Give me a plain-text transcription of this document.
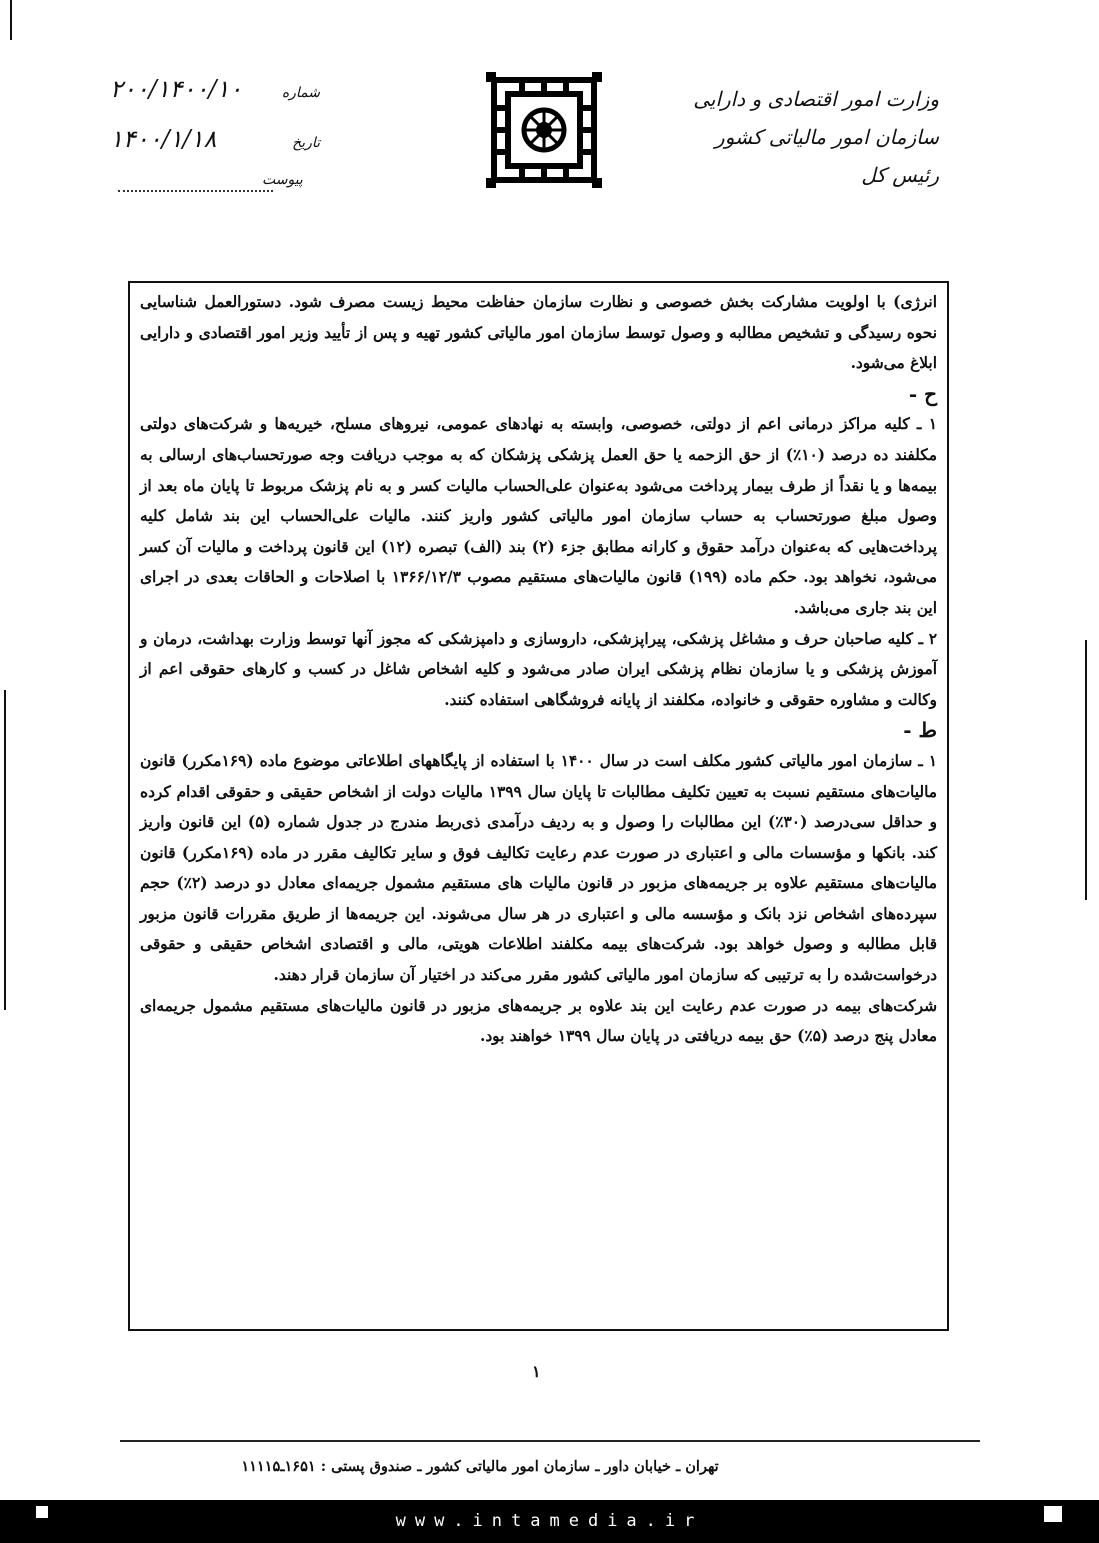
وزارت امور اقتصادی و دارایی
سازمان امور مالیاتی کشور
رئیس کل
شماره
۲۰۰/۱۴۰۰/۱۰
تاریخ
۱۴۰۰/۱/۱۸
پیوست

انرژی) با اولویت مشارکت بخش خصوصی و نظارت سازمان حفاظت محیط زیست مصرف شود. دستورالعمل شناسایی نحوه رسیدگی و تشخیص مطالبه و وصول توسط سازمان امور مالیاتی کشور تهیه و پس از تأیید وزیر امور اقتصادی و دارایی ابلاغ می‌شود.

ح -

۱ ـ کلیه مراکز درمانی اعم از دولتی، خصوصی، وابسته به نهادهای عمومی، نیروهای مسلح، خیریه‌ها و شرکت‌های دولتی مکلفند ده درصد (۱۰٪) از حق الزحمه یا حق العمل پزشکی پزشکان که به موجب دریافت وجه صورتحساب‌های ارسالی به بیمه‌ها و یا نقداً از طرف بیمار پرداخت می‌شود به‌عنوان علی‌الحساب مالیات کسر و به نام پزشک مربوط تا پایان ماه بعد از وصول مبلغ صورتحساب به حساب سازمان امور مالیاتی کشور واریز کنند. مالیات علی‌الحساب این بند شامل کلیه پرداخت‌هایی که به‌عنوان درآمد حقوق و کارانه مطابق جزء (۲) بند (الف) تبصره (۱۲) این قانون پرداخت و مالیات آن کسر می‌شود، نخواهد بود. حکم ماده (۱۹۹) قانون مالیات‌های مستقیم مصوب ۱۳۶۶/۱۲/۳ با اصلاحات و الحاقات بعدی در اجرای این بند جاری می‌باشد.

۲ ـ کلیه صاحبان حرف و مشاغل پزشکی، پیراپزشکی، داروسازی و دامپزشکی که مجوز آنها توسط وزارت بهداشت، درمان و آموزش پزشکی و یا سازمان نظام پزشکی ایران صادر می‌شود و کلیه اشخاص شاغل در کسب و کارهای حقوقی اعم از وکالت و مشاوره حقوقی و خانواده، مکلفند از پایانه فروشگاهی استفاده کنند.

ط -

۱ ـ سازمان امور مالیاتی کشور مکلف است در سال ۱۴۰۰ با استفاده از پایگاههای اطلاعاتی موضوع ماده (۱۶۹مکرر) قانون مالیات‌های مستقیم نسبت به تعیین تکلیف مطالبات تا پایان سال ۱۳۹۹ مالیات دولت از اشخاص حقیقی و حقوقی اقدام کرده و حداقل سی‌درصد (۳۰٪) این مطالبات را وصول و به ردیف درآمدی ذی‌ربط مندرج در جدول شماره (۵) این قانون واریز کند. بانکها و مؤسسات مالی و اعتباری در صورت عدم رعایت تکالیف فوق و سایر تکالیف مقرر در ماده (۱۶۹مکرر) قانون مالیات‌های مستقیم علاوه بر جریمه‌های مزبور در قانون مالیات های مستقیم مشمول جریمه‌ای معادل دو درصد (۲٪) حجم سپرده‌های اشخاص نزد بانک و مؤسسه مالی و اعتباری در هر سال می‌شوند. این جریمه‌ها از طریق مقررات قانون مزبور قابل مطالبه و وصول خواهد بود. شرکت‌های بیمه مکلفند اطلاعات هویتی، مالی و اقتصادی اشخاص حقیقی و حقوقی درخواست‌شده را به ترتیبی که سازمان امور مالیاتی کشور مقرر می‌کند در اختیار آن سازمان قرار دهند.

شرکت‌های بیمه در صورت عدم رعایت این بند علاوه بر جریمه‌های مزبور در قانون مالیات‌های مستقیم مشمول جریمه‌ای معادل پنج درصد (۵٪) حق بیمه دریافتی در پایان سال ۱۳۹۹ خواهند بود.

۱
تهران ـ خیابان داور ـ سازمان امور مالیاتی کشور ـ صندوق پستی : ۱۶۵۱ـ۱۱۱۱۵
www.intamedia.ir
